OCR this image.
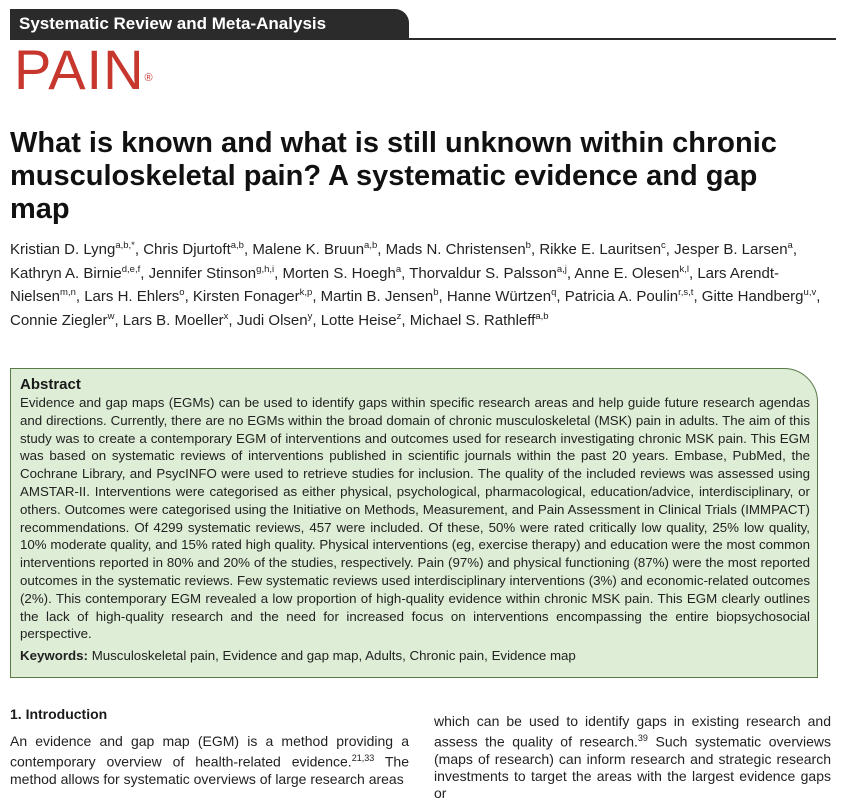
Systematic Review and Meta-Analysis
PAIN®
What is known and what is still unknown within chronic musculoskeletal pain? A systematic evidence and gap map
Kristian D. Lyng$^{a,b,*}$, Chris Djurtoft$^{a,b}$, Malene K. Bruun$^{a,b}$, Mads N. Christensen$^b$, Rikke E. Lauritsen$^c$, Jesper B. Larsen$^a$, Kathryn A. Birnie$^{d,e,f}$, Jennifer Stinson$^{g,h,i}$, Morten S. Hoegh$^a$, Thorvaldur S. Palsson$^{a,j}$, Anne E. Olesen$^{k,l}$, Lars Arendt-Nielsen$^{m,n}$, Lars H. Ehlers$^o$, Kirsten Fonager$^{k,p}$, Martin B. Jensen$^b$, Hanne Würtzen$^q$, Patricia A. Poulin$^{r,s,t}$, Gitte Handberg$^{u,v}$, Connie Ziegler$^w$, Lars B. Moeller$^x$, Judi Olsen$^y$, Lotte Heise$^z$, Michael S. Rathleff$^{a,b}$
Abstract
Evidence and gap maps (EGMs) can be used to identify gaps within specific research areas and help guide future research agendas and directions. Currently, there are no EGMs within the broad domain of chronic musculoskeletal (MSK) pain in adults. The aim of this study was to create a contemporary EGM of interventions and outcomes used for research investigating chronic MSK pain. This EGM was based on systematic reviews of interventions published in scientific journals within the past 20 years. Embase, PubMed, the Cochrane Library, and PsycINFO were used to retrieve studies for inclusion. The quality of the included reviews was assessed using AMSTAR-II. Interventions were categorised as either physical, psychological, pharmacological, education/advice, interdisciplinary, or others. Outcomes were categorised using the Initiative on Methods, Measurement, and Pain Assessment in Clinical Trials (IMMPACT) recommendations. Of 4299 systematic reviews, 457 were included. Of these, 50% were rated critically low quality, 25% low quality, 10% moderate quality, and 15% rated high quality. Physical interventions (eg, exercise therapy) and education were the most common interventions reported in 80% and 20% of the studies, respectively. Pain (97%) and physical functioning (87%) were the most reported outcomes in the systematic reviews. Few systematic reviews used interdisciplinary interventions (3%) and economic-related outcomes (2%). This contemporary EGM revealed a low proportion of high-quality evidence within chronic MSK pain. This EGM clearly outlines the lack of high-quality research and the need for increased focus on interventions encompassing the entire biopsychosocial perspective.
Keywords: Musculoskeletal pain, Evidence and gap map, Adults, Chronic pain, Evidence map
1. Introduction
An evidence and gap map (EGM) is a method providing a contemporary overview of health-related evidence.$^{21,33}$ The method allows for systematic overviews of large research areas
which can be used to identify gaps in existing research and assess the quality of research.$^{39}$ Such systematic overviews (maps of research) can inform research and strategic research investments to target the areas with the largest evidence gaps or
